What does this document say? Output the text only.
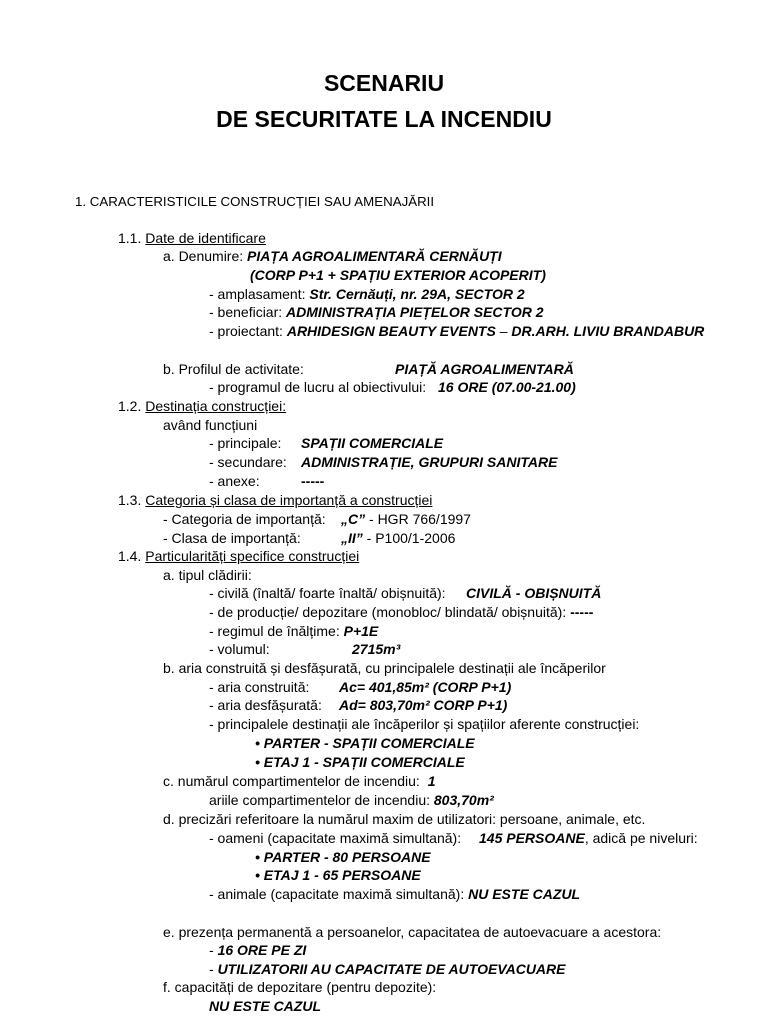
SCENARIU
DE SECURITATE LA INCENDIU
1. CARACTERISTICILE CONSTRUCȚIEI SAU AMENAJĂRII
1.1. Date de identificare
a. Denumire: PIAȚA AGROALIMENTARĂ CERNĂUȚI
(CORP P+1 + SPAȚIU EXTERIOR ACOPERIT)
- amplasament: Str. Cernăuți, nr. 29A, SECTOR 2
- beneficiar: ADMINISTRAȚIA PIEȚELOR SECTOR 2
- proiectant: ARHIDESIGN BEAUTY EVENTS – DR.ARH. LIVIU BRANDABUR
b. Profilul de activitate:	PIAȚĂ AGROALIMENTARĂ
- programul de lucru al obiectivului: 16 ORE (07.00-21.00)
1.2. Destinația construcției:
având funcțiuni
- principale: SPAȚII COMERCIALE
- secundare: ADMINISTRAȚIE, GRUPURI SANITARE
- anexe:	-----
1.3. Categoria și clasa de importanță a construcției
- Categoria de importanță: „C” - HGR 766/1997
- Clasa de importanță:	„II” - P100/1-2006
1.4. Particularități specifice construcției
a. tipul clădirii:
- civilă (înaltă/ foarte înaltă/ obișnuită): CIVILĂ - OBIȘNUITĂ
- de producție/ depozitare (monobloc/ blindată/ obișnuită): -----
- regimul de înălțime: P+1E
- volumul:	2715m³
b. aria construită și desfășurată, cu principalele destinații ale încăperilor
- aria construită: Ac= 401,85m² (CORP P+1)
- aria desfășurată: Ad= 803,70m² CORP P+1)
- principalele destinații ale încăperilor și spațiilor aferente construcției:
• PARTER - SPAȚII COMERCIALE
• ETAJ 1 - SPAȚII COMERCIALE
c. numărul compartimentelor de incendiu: 1
ariile compartimentelor de incendiu: 803,70m²
d. precizări referitoare la numărul maxim de utilizatori: persoane, animale, etc.
- oameni (capacitate maximă simultană): 145 PERSOANE, adică pe niveluri:
• PARTER - 80 PERSOANE
• ETAJ 1 - 65 PERSOANE
- animale (capacitate maximă simultană): NU ESTE CAZUL
e. prezența permanentă a persoanelor, capacitatea de autoevacuare a acestora:
- 16 ORE PE ZI
- UTILIZATORII AU CAPACITATE DE AUTOEVACUARE
f. capacități de depozitare (pentru depozite):
NU ESTE CAZUL
